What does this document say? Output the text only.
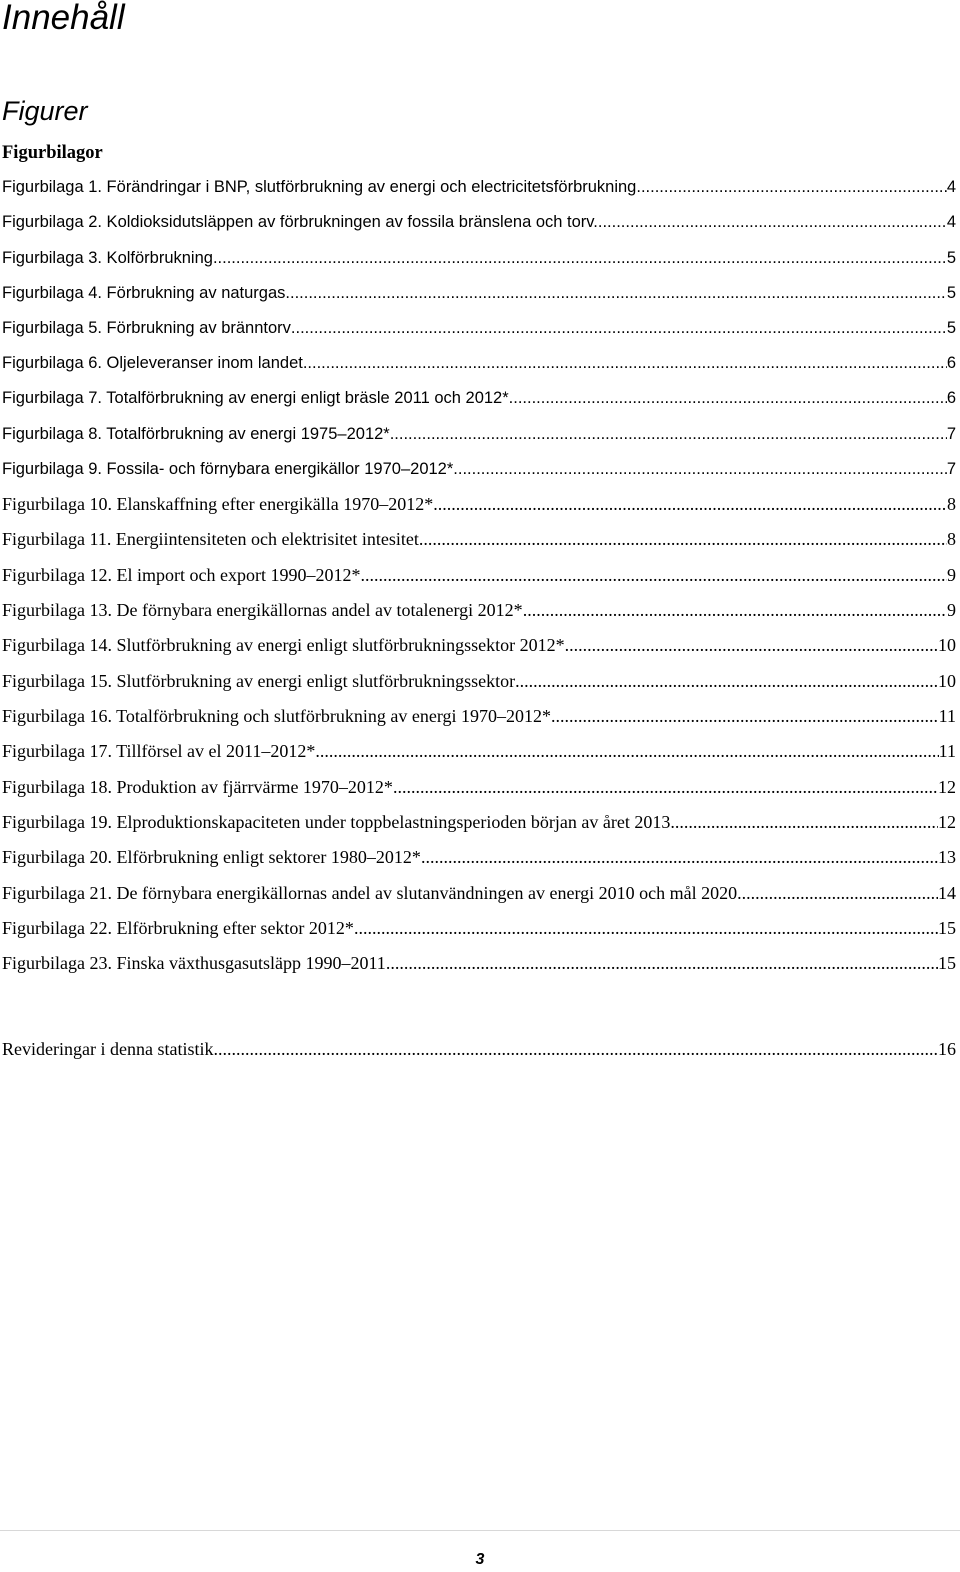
Innehåll
Figurer
Figurbilagor
Figurbilaga 1. Förändringar i BNP, slutförbrukning av energi och electricitetsförbrukning .....	4
Figurbilaga 2. Koldioksidutsläppen av förbrukningen av fossila bränslena och torv. .....	4
Figurbilaga 3. Kolförbrukning .....	5
Figurbilaga 4. Förbrukning av naturgas .....	5
Figurbilaga 5. Förbrukning av bränntorv .....	5
Figurbilaga 6. Oljeleveranser inom landet .....	6
Figurbilaga 7. Totalförbrukning av energi enligt bräsle 2011 och 2012* .....	6
Figurbilaga 8. Totalförbrukning av energi 1975–2012* .....	7
Figurbilaga 9. Fossila- och förnybara energikällor 1970–2012* .....	7
Figurbilaga 10. Elanskaffning efter energikälla 1970–2012* .....	8
Figurbilaga 11. Energiintensiteten och elektrisitet intesitet .....	8
Figurbilaga 12. El import och export 1990–2012* .....	9
Figurbilaga 13. De förnybara energikällornas andel av totalenergi 2012* .....	9
Figurbilaga 14. Slutförbrukning av energi enligt slutförbrukningssektor 2012* .....	10
Figurbilaga 15. Slutförbrukning av energi enligt slutförbrukningssektor .....	10
Figurbilaga 16. Totalförbrukning och slutförbrukning av energi 1970–2012* .....	11
Figurbilaga 17. Tillförsel av el 2011–2012* .....	11
Figurbilaga 18. Produktion av fjärrvärme 1970–2012* .....	12
Figurbilaga 19. Elproduktionskapaciteten under toppbelastningsperioden början av året 2013 .....	12
Figurbilaga 20. Elförbrukning enligt sektorer 1980–2012* .....	13
Figurbilaga 21. De förnybara energikällornas andel av slutanvändningen av energi 2010 och mål 2020 .....	14
Figurbilaga 22. Elförbrukning efter sektor 2012* .....	15
Figurbilaga 23. Finska växthusgasutsläpp 1990–2011 .....	15
Revideringar i denna statistik .....	16
3
